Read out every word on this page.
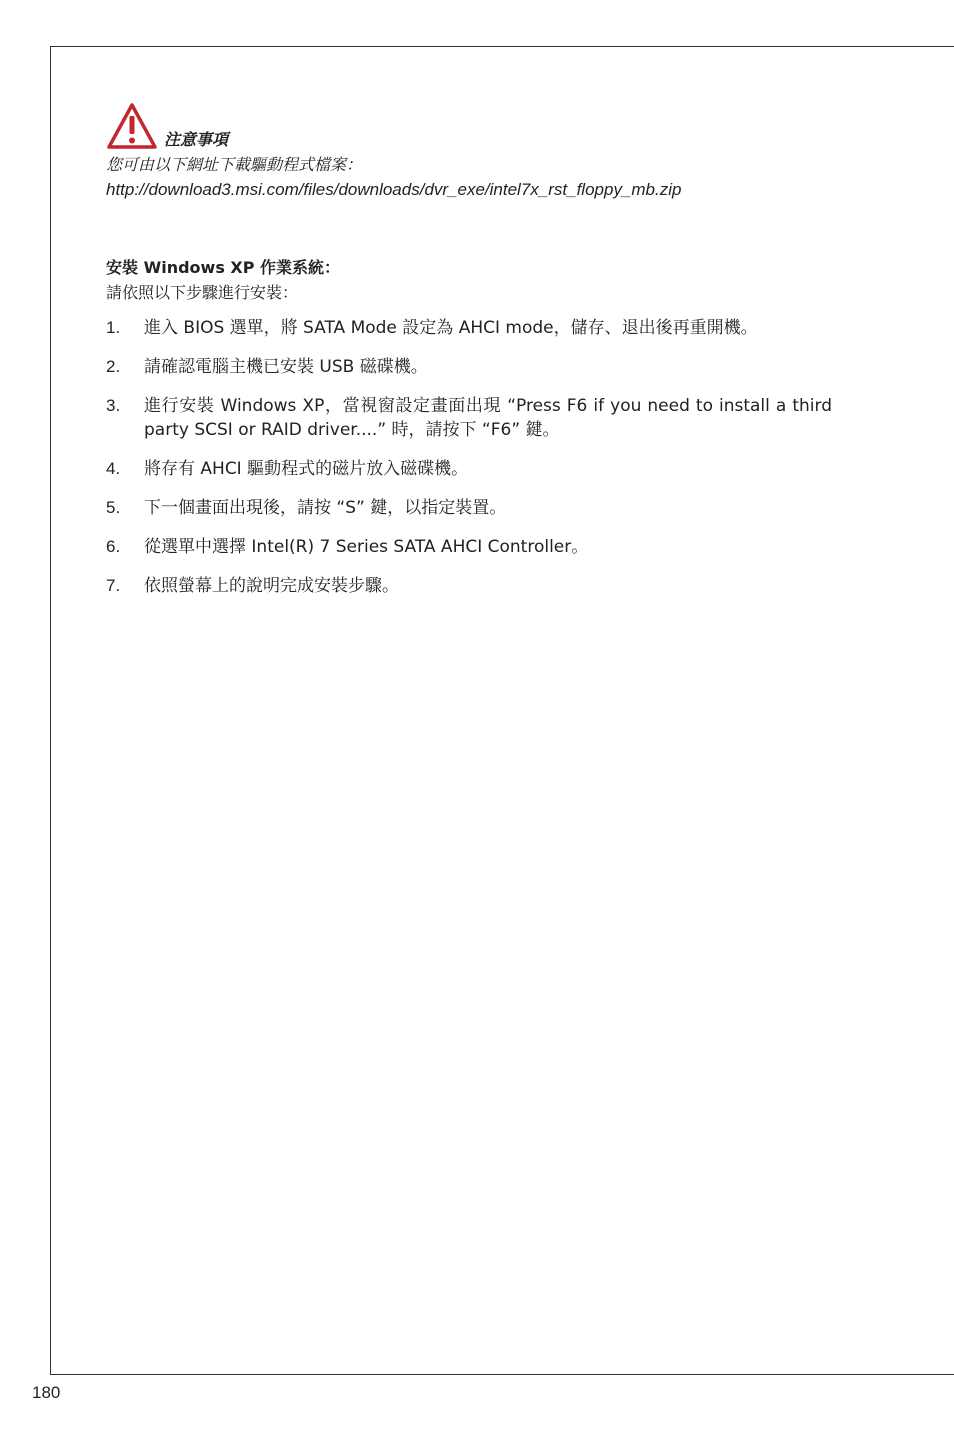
注意事項
您可由以下網址下載驅動程式檔案：
http://download3.msi.com/files/downloads/dvr_exe/intel7x_rst_floppy_mb.zip
安裝 Windows XP 作業系統：
請依照以下步驟進行安裝：
1.	進入 BIOS 選單，將 SATA Mode 設定為 AHCI mode，儲存、退出後再重開機。
2.	請確認電腦主機已安裝 USB 磁碟機。
3.	進行安裝 Windows XP，當視窗設定畫面出現 “Press F6 if you need to install a third party SCSI or RAID driver....” 時，請按下 “F6” 鍵。
4.	將存有 AHCI 驅動程式的磁片放入磁碟機。
5.	下一個畫面出現後，請按 “S” 鍵，以指定裝置。
6.	從選單中選擇 Intel(R) 7 Series SATA AHCI Controller。
7.	依照螢幕上的說明完成安裝步驟。
180
